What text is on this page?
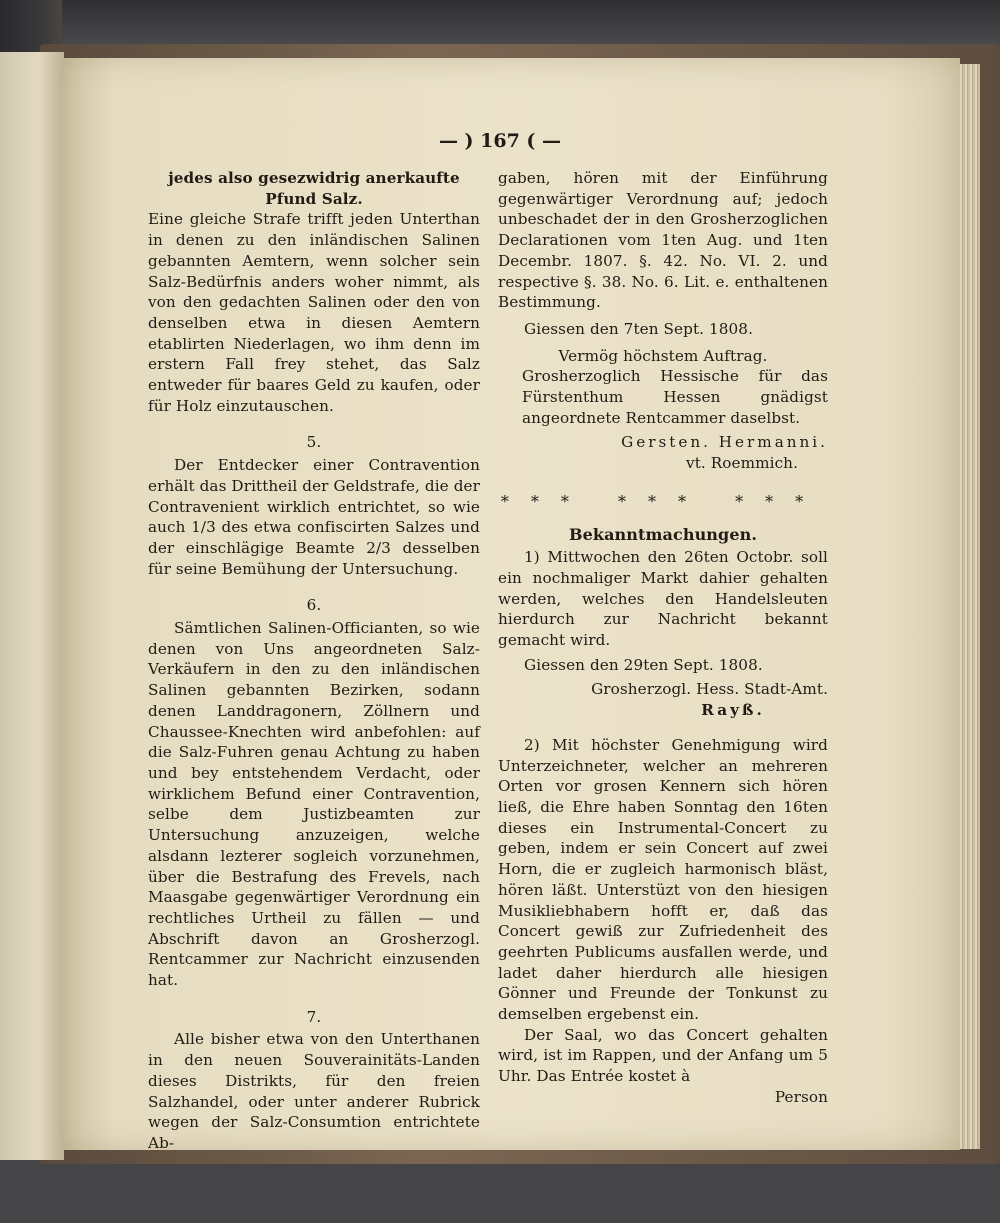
— ) 167 ( —

jedes also gesezwidrig anerkaufte Pfund Salz.

Eine gleiche Strafe trifft jeden Unterthan in denen zu den inländischen Salinen gebannten Aemtern, wenn solcher sein Salz-Bedürfnis anders woher nimmt, als von den gedachten Salinen oder den von denselben etwa in diesen Aemtern etablirten Niederlagen, wo ihm denn im erstern Fall frey stehet, das Salz entweder für baares Geld zu kaufen, oder für Holz einzutauschen.

5.

Der Entdecker einer Contravention erhält das Drittheil der Geldstrafe, die der Contravenient wirklich entrichtet, so wie auch 1/3 des etwa confiscirten Salzes und der einschlägige Beamte 2/3 desselben für seine Bemühung der Untersuchung.

6.

Sämtlichen Salinen-Officianten, so wie denen von Uns angeordneten Salz-Verkäufern in den zu den inländischen Salinen gebannten Bezirken, sodann denen Landdragonern, Zöllnern und Chaussee-Knechten wird anbefohlen: auf die Salz-Fuhren genau Achtung zu haben und bey entstehendem Verdacht, oder wirklichem Befund einer Contravention, selbe dem Justizbeamten zur Untersuchung anzuzeigen, welche alsdann lezterer sogleich vorzunehmen, über die Bestrafung des Frevels, nach Maasgabe gegenwärtiger Verordnung ein rechtliches Urtheil zu fällen — und Abschrift davon an Grosherzogl. Rentcammer zur Nachricht einzusenden hat.

7.

Alle bisher etwa von den Unterthanen in den neuen Souverainitäts-Landen dieses Distrikts, für den freien Salzhandel, oder unter anderer Rubrick wegen der Salz-Consumtion entrichtete Ab-

gaben, hören mit der Einführung gegenwärtiger Verordnung auf; jedoch unbeschadet der in den Grosherzoglichen Declarationen vom 1ten Aug. und 1ten Decembr. 1807. §. 42. No. VI. 2. und respective §. 38. No. 6. Lit. e. enthaltenen Bestimmung.

Giessen den 7ten Sept. 1808.

Vermög höchstem Auftrag.

Grosherzoglich Hessische für das Fürstenthum Hessen gnädigst angeordnete Rentcammer daselbst.

Gersten. Hermanni.

vt. Roemmich.

*** *** ***

Bekanntmachungen.

1) Mittwochen den 26ten Octobr. soll ein nochmaliger Markt dahier gehalten werden, welches den Handelsleuten hierdurch zur Nachricht bekannt gemacht wird.

Giessen den 29ten Sept. 1808.

Grosherzogl. Hess. Stadt-Amt.

Rayß.

2) Mit höchster Genehmigung wird Unterzeichneter, welcher an mehreren Orten vor grosen Kennern sich hören ließ, die Ehre haben Sonntag den 16ten dieses ein Instrumental-Concert zu geben, indem er sein Concert auf zwei Horn, die er zugleich harmonisch bläst, hören läßt. Unterstüzt von den hiesigen Musikliebhabern hofft er, daß das Concert gewiß zur Zufriedenheit des geehrten Publicums ausfallen werde, und ladet daher hierdurch alle hiesigen Gönner und Freunde der Tonkunst zu demselben ergebenst ein.

Der Saal, wo das Concert gehalten wird, ist im Rappen, und der Anfang um 5 Uhr. Das Entrée kostet à

Person
